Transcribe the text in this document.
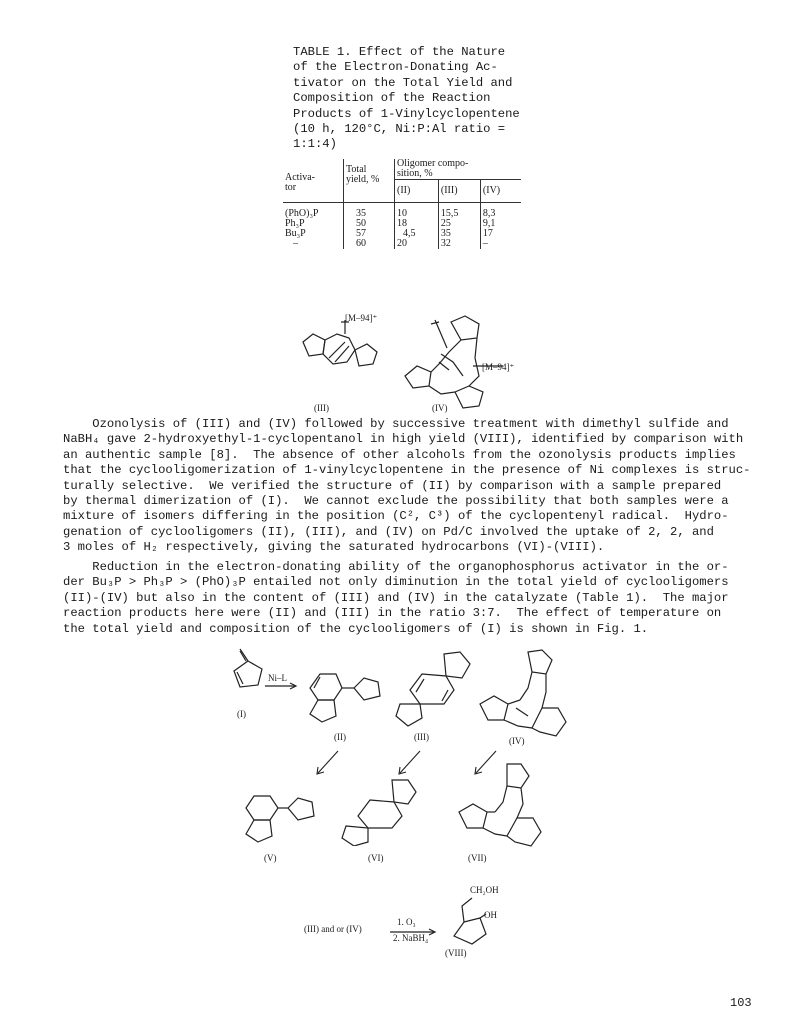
TABLE 1. Effect of the Nature
of the Electron-Donating Ac-
tivator on the Total Yield and
Composition of the Reaction
Products of 1-Vinylcyclopentene
(10 h, 120°C, Ni:P:Al ratio =
1:1:4)
Activa-
tor	Total
yield, %	Oligomer compo-
sition, %		
		(II)	(III)	(IV)
(PhO)₃P	35	10	15,5	8,3
Ph₃P	50	18	25	9,1
Bu₃P	57	4,5	35	17
–	60	20	32	–
[M–94]⁺
(III)
[M–94]⁺
(IV)
Ozonolysis of (III) and (IV) followed by successive treatment with dimethyl sulfide and
NaBH₄ gave 2-hydroxyethyl-1-cyclopentanol in high yield (VIII), identified by comparison with
an authentic sample [8].  The absence of other alcohols from the ozonolysis products implies
that the cyclooligomerization of 1-vinylcyclopentene in the presence of Ni complexes is struc-
turally selective.  We verified the structure of (II) by comparison with a sample prepared
by thermal dimerization of (I).  We cannot exclude the possibility that both samples were a
mixture of isomers differing in the position (C², C³) of the cyclopentenyl radical.  Hydro-
genation of cyclooligomers (II), (III), and (IV) on Pd/C involved the uptake of 2, 2, and
3 moles of H₂ respectively, giving the saturated hydrocarbons (VI)-(VIII).
Reduction in the electron-donating ability of the organophosphorus activator in the or-
der Bu₃P > Ph₃P > (PhO)₃P entailed not only diminution in the total yield of cyclooligomers
(II)-(IV) but also in the content of (III) and (IV) in the catalyzate (Table 1).  The major
reaction products here were (II) and (III) in the ratio 3:7.  The effect of temperature on
the total yield and composition of the cyclooligomers of (I) is shown in Fig. 1.
(I)
Ni–L
(II)	(III)	(IV)
(V)	(VI)	(VII)
CH₂OH
OH
(III) and or (IV)
1. O₃
2. NaBH₄
(VIII)
103
